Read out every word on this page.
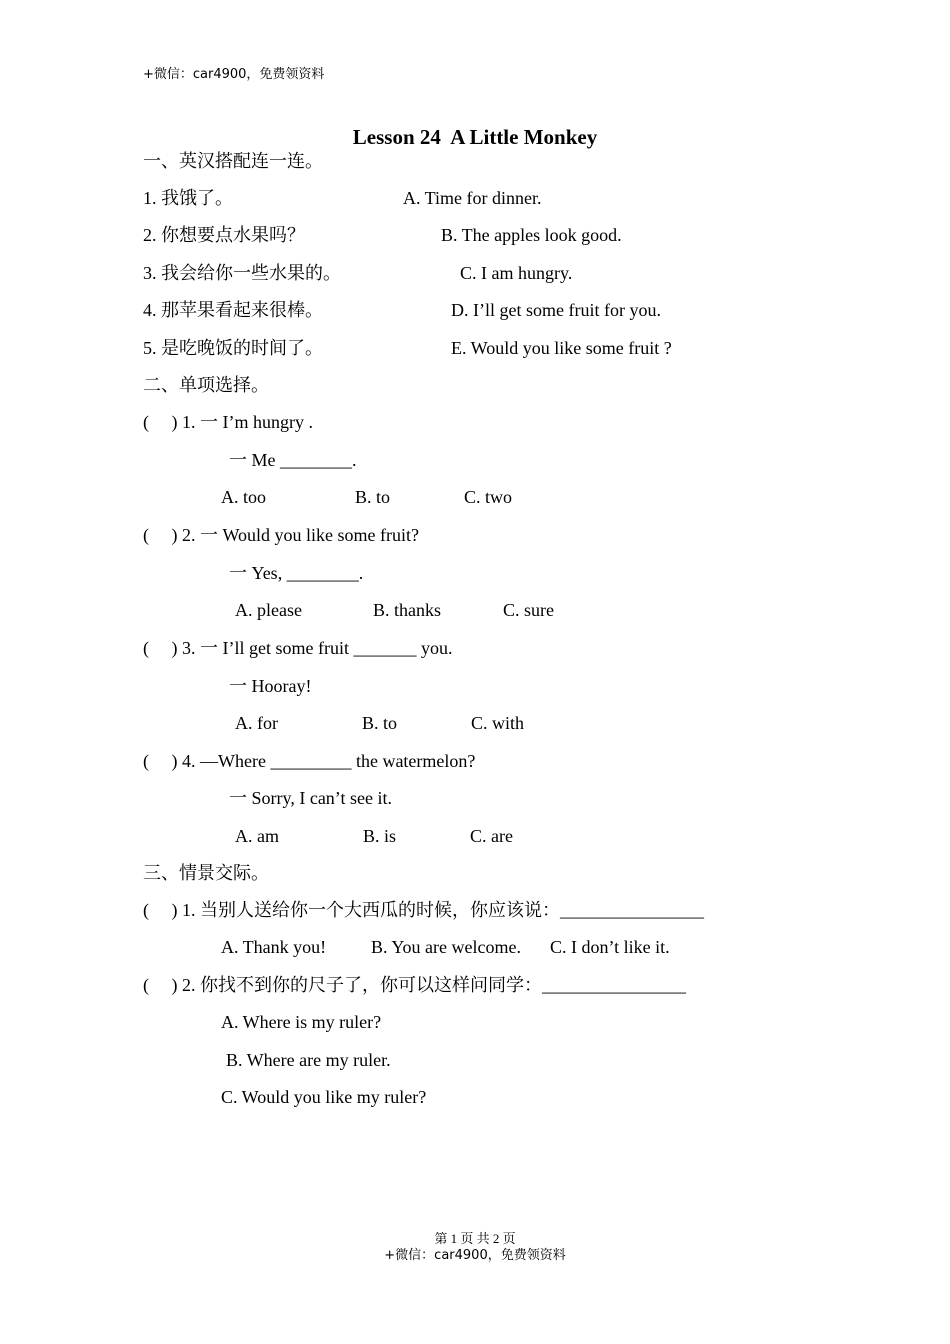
+微信：car4900，免费领资料
Lesson 24  A Little Monkey
一、英汉搭配连一连。
1. 我饿了。	A. Time for dinner.
2. 你想要点水果吗？	B. The apples look good.
3. 我会给你一些水果的。	C. I am hungry.
4. 那苹果看起来很棒。	D. I’ll get some fruit for you.
5. 是吃晚饭的时间了。	E. Would you like some fruit ?
二、单项选择。
(     ) 1. 一 I’m hungry .
一 Me ________.
A. too	B. to	C. two
(     ) 2. 一 Would you like some fruit?
一 Yes, ________.
A. please	B. thanks	C. sure
(     ) 3. 一 I’ll get some fruit _______ you.
一 Hooray!
A. for	B. to	C. with
(     ) 4. —Where _________ the watermelon?
一 Sorry, I can’t see it.
A. am	B. is	C. are
三、情景交际。
(     ) 1. 当别人送给你一个大西瓜的时候，你应该说：________________
A. Thank you! B. You are welcome. C. I don’t like it.
(     ) 2. 你找不到你的尺子了，你可以这样问同学：________________
A. Where is my ruler?
B. Where are my ruler.
C. Would you like my ruler?
第 1 页 共 2 页
+微信：car4900，免费领资料
